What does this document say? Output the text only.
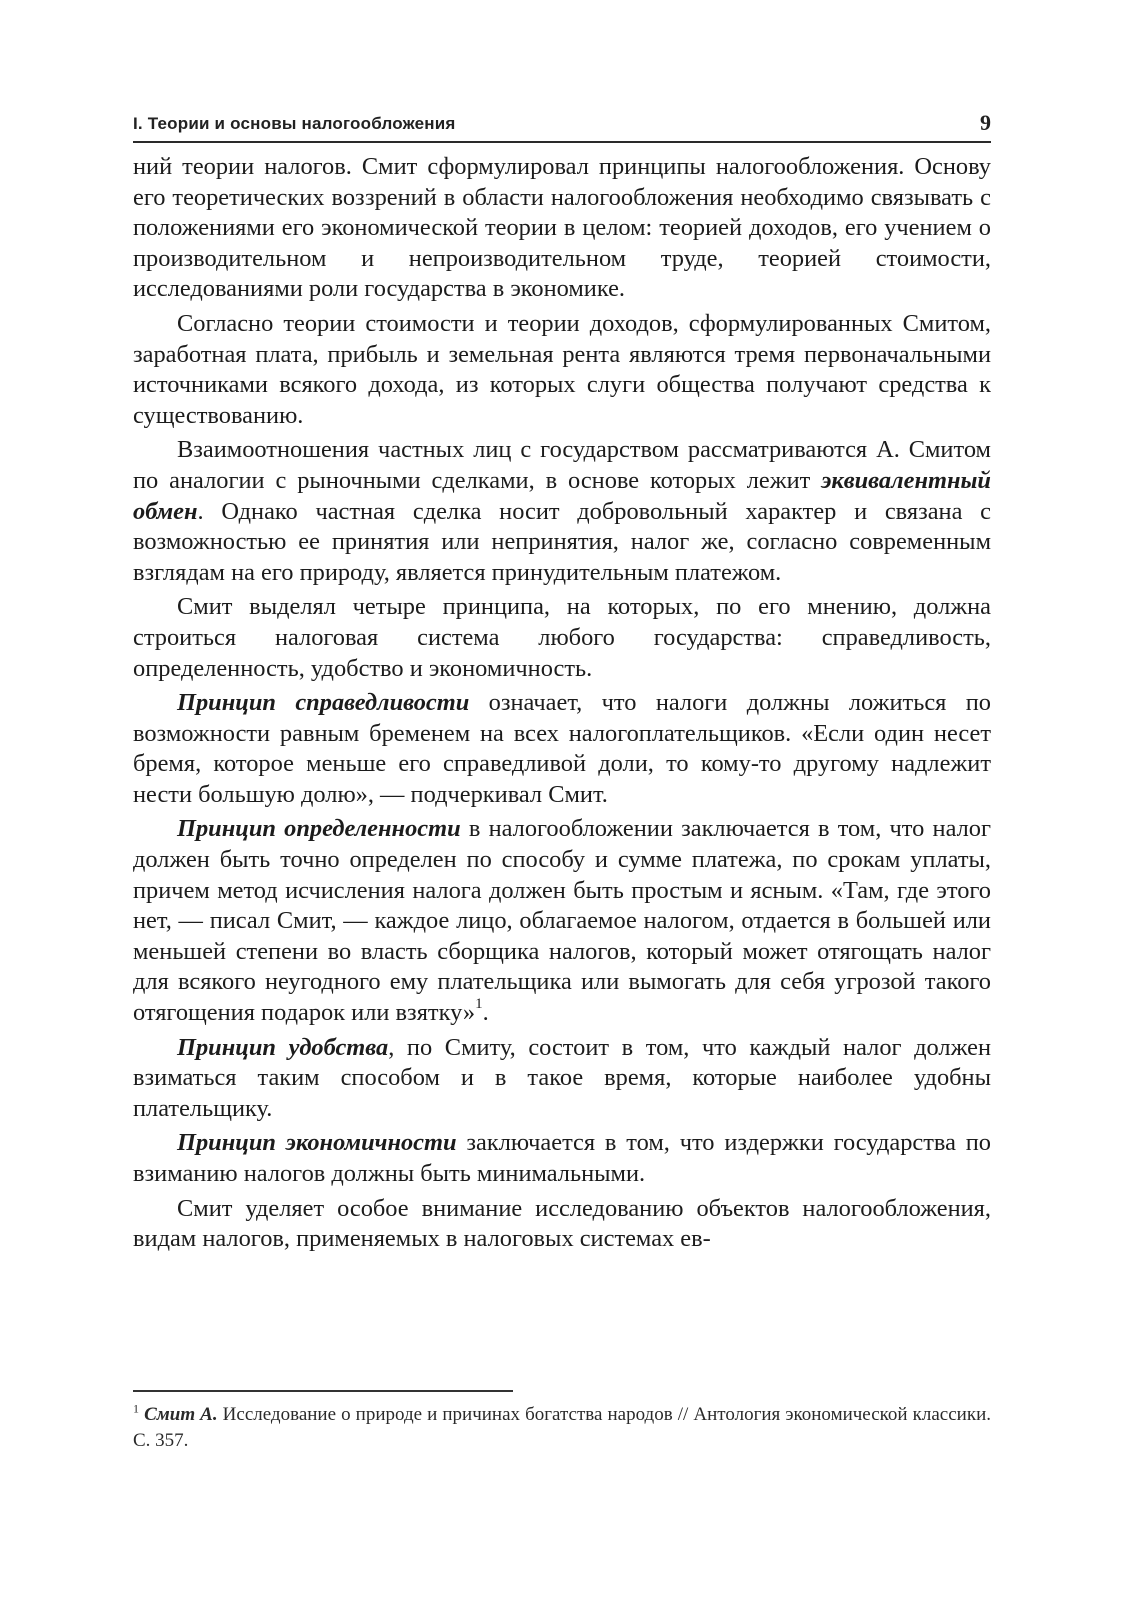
I. Теории и основы налогообложения	9

ний теории налогов. Смит сформулировал принципы налогообложения. Основу его теоретических воззрений в области налогообложения необходимо связывать с положениями его экономической теории в целом: теорией доходов, его учением о производительном и непроизводительном труде, теорией стоимости, исследованиями роли государства в экономике.

Согласно теории стоимости и теории доходов, сформулированных Смитом, заработная плата, прибыль и земельная рента являются тремя первоначальными источниками всякого дохода, из которых слуги общества получают средства к существованию.

Взаимоотношения частных лиц с государством рассматриваются А. Смитом по аналогии с рыночными сделками, в основе которых лежит эквивалентный обмен. Однако частная сделка носит добровольный характер и связана с возможностью ее принятия или непринятия, налог же, согласно современным взглядам на его природу, является принудительным платежом.

Смит выделял четыре принципа, на которых, по его мнению, должна строиться налоговая система любого государства: справедливость, определенность, удобство и экономичность.

Принцип справедливости означает, что налоги должны ложиться по возможности равным бременем на всех налогоплательщиков. «Если один несет бремя, которое меньше его справедливой доли, то кому-то другому надлежит нести большую долю», — подчеркивал Смит.

Принцип определенности в налогообложении заключается в том, что налог должен быть точно определен по способу и сумме платежа, по срокам уплаты, причем метод исчисления налога должен быть простым и ясным. «Там, где этого нет, — писал Смит, — каждое лицо, облагаемое налогом, отдается в большей или меньшей степени во власть сборщика налогов, который может отягощать налог для всякого неугодного ему плательщика или вымогать для себя угрозой такого отягощения подарок или взятку»$^1$.

Принцип удобства, по Смиту, состоит в том, что каждый налог должен взиматься таким способом и в такое время, которые наиболее удобны плательщику.

Принцип экономичности заключается в том, что издержки государства по взиманию налогов должны быть минимальными.

Смит уделяет особое внимание исследованию объектов налогообложения, видам налогов, применяемых в налоговых системах ев-

$^1$ Смит А. Исследование о природе и причинах богатства народов // Антология экономической классики. С. 357.
